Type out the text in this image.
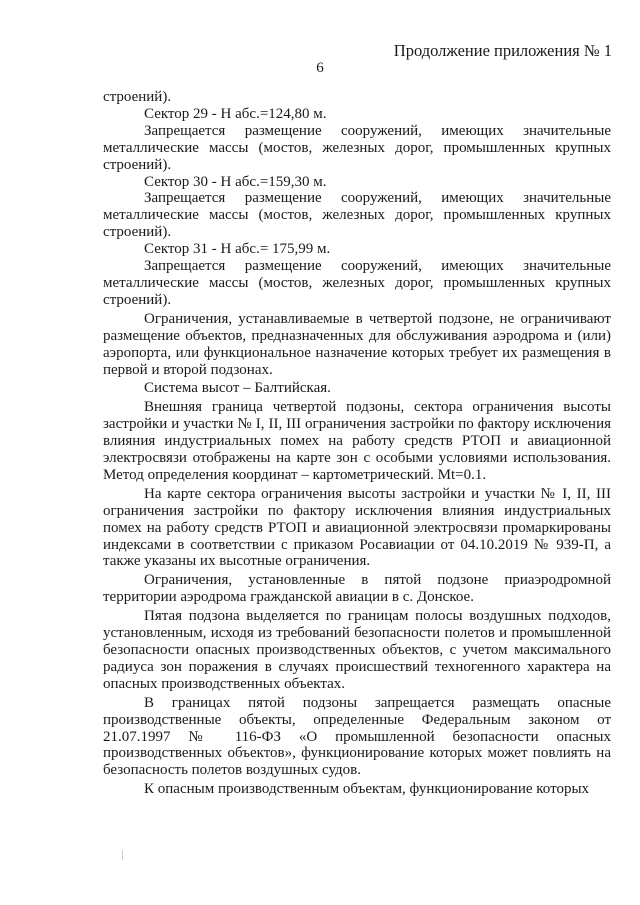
Продолжение приложения № 1
6

строений).

Сектор 29 - Н абс.=124,80 м.

Запрещается размещение сооружений, имеющих значительные металлические массы (мостов, железных дорог, промышленных крупных строений).

Сектор 30 - Н абс.=159,30 м.

Запрещается размещение сооружений, имеющих значительные металлические массы (мостов, железных дорог, промышленных крупных строений).

Сектор 31 - Н абс.= 175,99 м.

Запрещается размещение сооружений, имеющих значительные металлические массы (мостов, железных дорог, промышленных крупных строений).

Ограничения, устанавливаемые в четвертой подзоне, не ограничивают размещение объектов, предназначенных для обслуживания аэродрома и (или) аэропорта, или функциональное назначение которых требует их размещения в первой и второй подзонах.

Система высот – Балтийская.

Внешняя граница четвертой подзоны, сектора ограничения высоты застройки и участки № I, II, III ограничения застройки по фактору исключения влияния индустриальных помех на работу средств РТОП и авиационной электросвязи отображены на карте зон с особыми условиями использования. Метод определения координат – картометрический. Mt=0.1.

На карте сектора ограничения высоты застройки и участки № I, II, III ограничения застройки по фактору исключения влияния индустриальных помех на работу средств РТОП и авиационной электросвязи промаркированы индексами в соответствии с приказом Росавиации от 04.10.2019 № 939-П, а также указаны их высотные ограничения.

Ограничения, установленные в пятой подзоне приаэродромной территории аэродрома гражданской авиации в с. Донское.

Пятая подзона выделяется по границам полосы воздушных подходов, установленным, исходя из требований безопасности полетов и промышленной безопасности опасных производственных объектов, с учетом максимального радиуса зон поражения в случаях происшествий техногенного характера на опасных производственных объектах.

В границах пятой подзоны запрещается размещать опасные производственные объекты, определенные Федеральным законом от 21.07.1997 № 116-ФЗ «О промышленной безопасности опасных производственных объектов», функционирование которых может повлиять на безопасность полетов воздушных судов.

К опасным производственным объектам, функционирование которых
